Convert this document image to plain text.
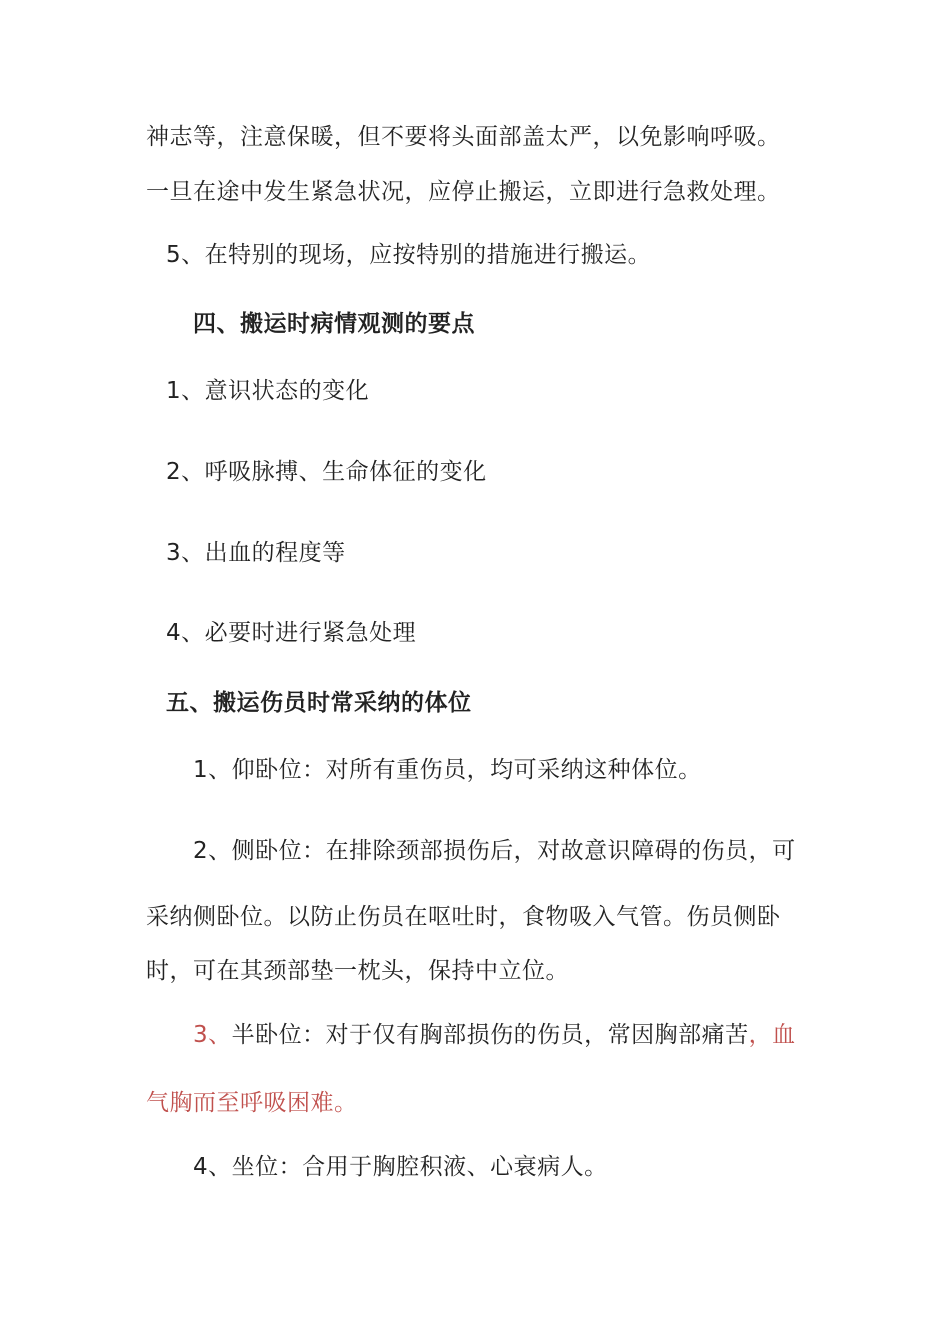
神志等，注意保暖，但不要将头面部盖太严，以免影响呼吸。
一旦在途中发生紧急状况，应停止搬运，立即进行急救处理。
5、在特别的现场，应按特别的措施进行搬运。
四、搬运时病情观测的要点
1、意识状态的变化
2、呼吸脉搏、生命体征的变化
3、出血的程度等
4、必要时进行紧急处理
五、搬运伤员时常采纳的体位
1、仰卧位：对所有重伤员，均可采纳这种体位。
2、侧卧位：在排除颈部损伤后，对故意识障碍的伤员，可
采纳侧卧位。以防止伤员在呕吐时，食物吸入气管。伤员侧卧
时，可在其颈部垫一枕头，保持中立位。
3、半卧位：对于仅有胸部损伤的伤员，常因胸部痛苦，血
气胸而至呼吸困难。
4、坐位：合用于胸腔积液、心衰病人。
